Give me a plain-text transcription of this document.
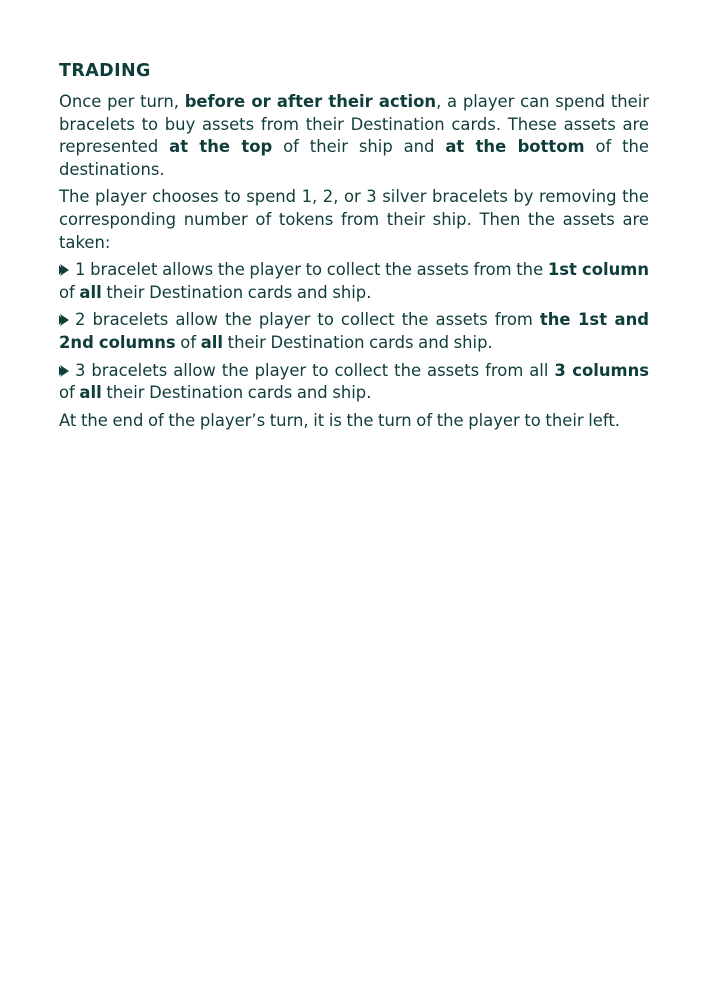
TRADING

Once per turn, before or after their action, a player can spend their bracelets to buy assets from their Destination cards. These assets are represented at the top of their ship and at the bottom of the destinations.

The player chooses to spend 1, 2, or 3 silver bracelets by removing the corresponding number of tokens from their ship. Then the assets are taken:

1 bracelet allows the player to collect the assets from the 1st column of all their Destination cards and ship.

2 bracelets allow the player to collect the assets from the 1st and 2nd columns of all their Destination cards and ship.

3 bracelets allow the player to collect the assets from all 3 columns of all their Destination cards and ship.

At the end of the player’s turn, it is the turn of the player to their left.
